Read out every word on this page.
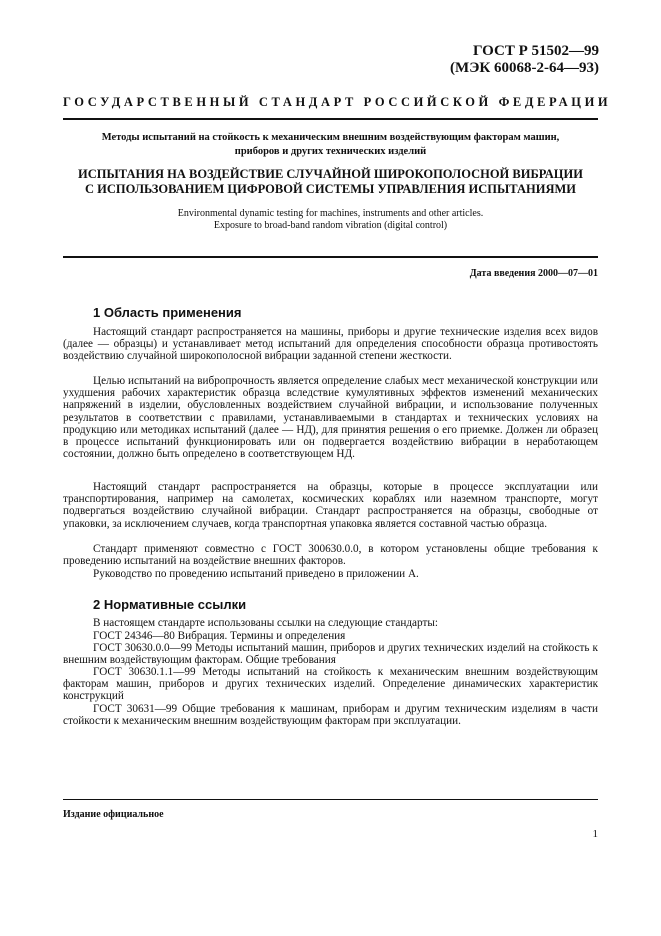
ГОСТ Р 51502—99
(МЭК 60068-2-64—93)
ГОСУДАРСТВЕННЫЙ СТАНДАРТ РОССИЙСКОЙ ФЕДЕРАЦИИ
Методы испытаний на стойкость к механическим внешним воздействующим факторам машин,
приборов и других технических изделий
ИСПЫТАНИЯ НА ВОЗДЕЙСТВИЕ СЛУЧАЙНОЙ ШИРОКОПОЛОСНОЙ ВИБРАЦИИ
С ИСПОЛЬЗОВАНИЕМ ЦИФРОВОЙ СИСТЕМЫ УПРАВЛЕНИЯ ИСПЫТАНИЯМИ
Environmental dynamic testing for machines, instruments and other articles.
Exposure to broad-band random vibration (digital control)
Дата введения 2000—07—01
1 Область применения
Настоящий стандарт распространяется на машины, приборы и другие технические изделия всех видов (далее — образцы) и устанавливает метод испытаний для определения способности образца противостоять воздействию случайной широкополосной вибрации заданной степени жесткости.
Целью испытаний на вибропрочность является определение слабых мест механической конструкции или ухудшения рабочих характеристик образца вследствие кумулятивных эффектов изменений механических напряжений в изделии, обусловленных воздействием случайной вибрации, и использование полученных результатов в соответствии с правилами, устанавливаемыми в стандартах и технических условиях на продукцию или методиках испытаний (далее — НД), для принятия решения о его приемке. Должен ли образец в процессе испытаний функционировать или он подвергается воздействию вибрации в неработающем состоянии, должно быть определено в соответствующем НД.
Настоящий стандарт распространяется на образцы, которые в процессе эксплуатации или транспортирования, например на самолетах, космических кораблях или наземном транспорте, могут подвергаться воздействию случайной вибрации. Стандарт распространяется на образцы, свободные от упаковки, за исключением случаев, когда транспортная упаковка является составной частью образца.
Стандарт применяют совместно с ГОСТ 300630.0.0, в котором установлены общие требования к проведению испытаний на воздействие внешних факторов.
Руководство по проведению испытаний приведено в приложении А.
2 Нормативные ссылки
В настоящем стандарте использованы ссылки на следующие стандарты:
ГОСТ 24346—80 Вибрация. Термины и определения
ГОСТ 30630.0.0—99 Методы испытаний машин, приборов и других технических изделий на стойкость к внешним воздействующим факторам. Общие требования
ГОСТ 30630.1.1—99 Методы испытаний на стойкость к механическим внешним воздействующим факторам машин, приборов и других технических изделий. Определение динамических характеристик конструкций
ГОСТ 30631—99 Общие требования к машинам, приборам и другим техническим изделиям в части стойкости к механическим внешним воздействующим факторам при эксплуатации.
Издание официальное
1
